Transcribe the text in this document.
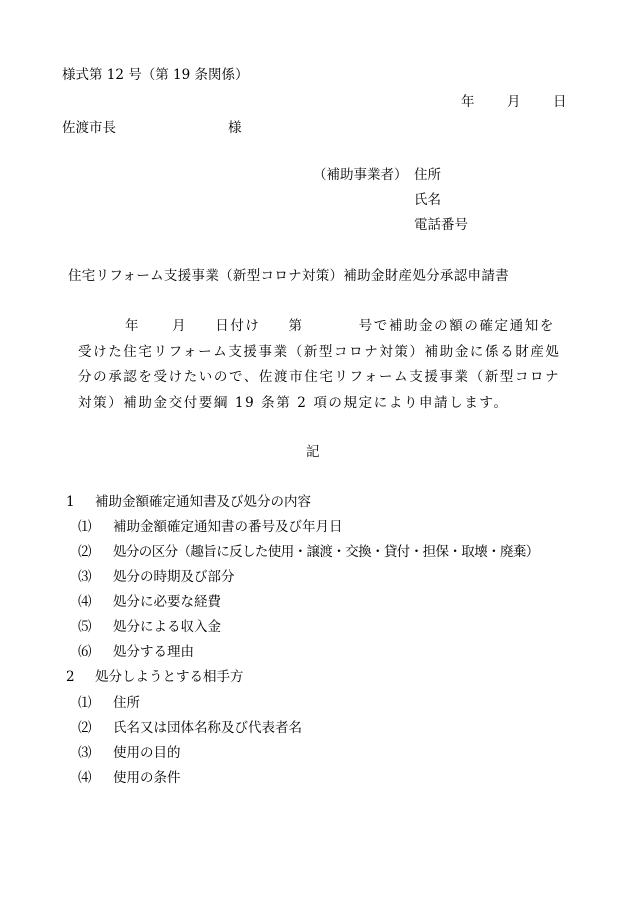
様式第 12 号（第 19 条関係）
年 月 日
佐渡市長	様
（補助事業者） 住所
氏名
電話番号
住宅リフォーム支援事業（新型コロナ対策）補助金財産処分承認申請書
年 月 日付け 第	号で補助金の額の確定通知を
受けた住宅リフォーム支援事業（新型コロナ対策）補助金に係る財産処
分の承認を受けたいので、佐渡市住宅リフォーム支援事業（新型コロナ
対策）補助金交付要綱 19 条第 2 項の規定により申請します。
記
1 補助金額確定通知書及び処分の内容
⑴ 補助金額確定通知書の番号及び年月日
⑵ 処分の区分（趣旨に反した使用・譲渡・交換・貸付・担保・取壊・廃棄）
⑶ 処分の時期及び部分
⑷ 処分に必要な経費
⑸ 処分による収入金
⑹ 処分する理由
2 処分しようとする相手方
⑴ 住所
⑵ 氏名又は団体名称及び代表者名
⑶ 使用の目的
⑷ 使用の条件
